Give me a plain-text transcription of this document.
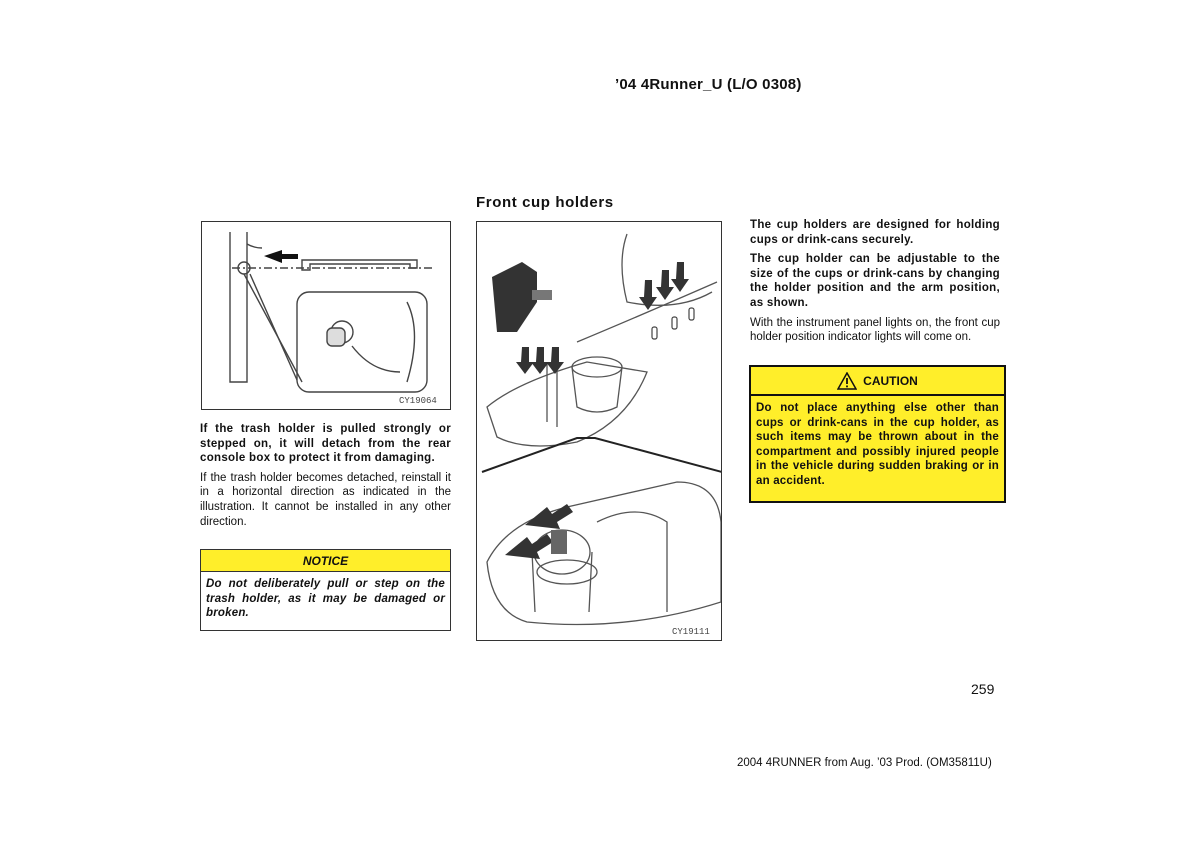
’04 4Runner_U (L/O 0308)
Front cup holders
CY19064
CY19111

If the trash holder is pulled strongly or stepped on, it will detach from the rear console box to protect it from damaging.

If the trash holder becomes detached, reinstall it in a horizontal direction as indicated in the illustration. It cannot be installed in any other direction.

NOTICE
Do not deliberately pull or step on the trash holder, as it may be damaged or broken.

The cup holders are designed for holding cups or drink-cans securely.

The cup holder can be adjustable to the size of the cups or drink-cans by changing the holder position and the arm position, as shown.

With the instrument panel lights on, the front cup holder position indicator lights will come on.

CAUTION
Do not place anything else other than cups or drink-cans in the cup holder, as such items may be thrown about in the compartment and possibly injured people in the vehicle during sudden braking or in an accident.
259
2004 4RUNNER from Aug. ’03 Prod. (OM35811U)
